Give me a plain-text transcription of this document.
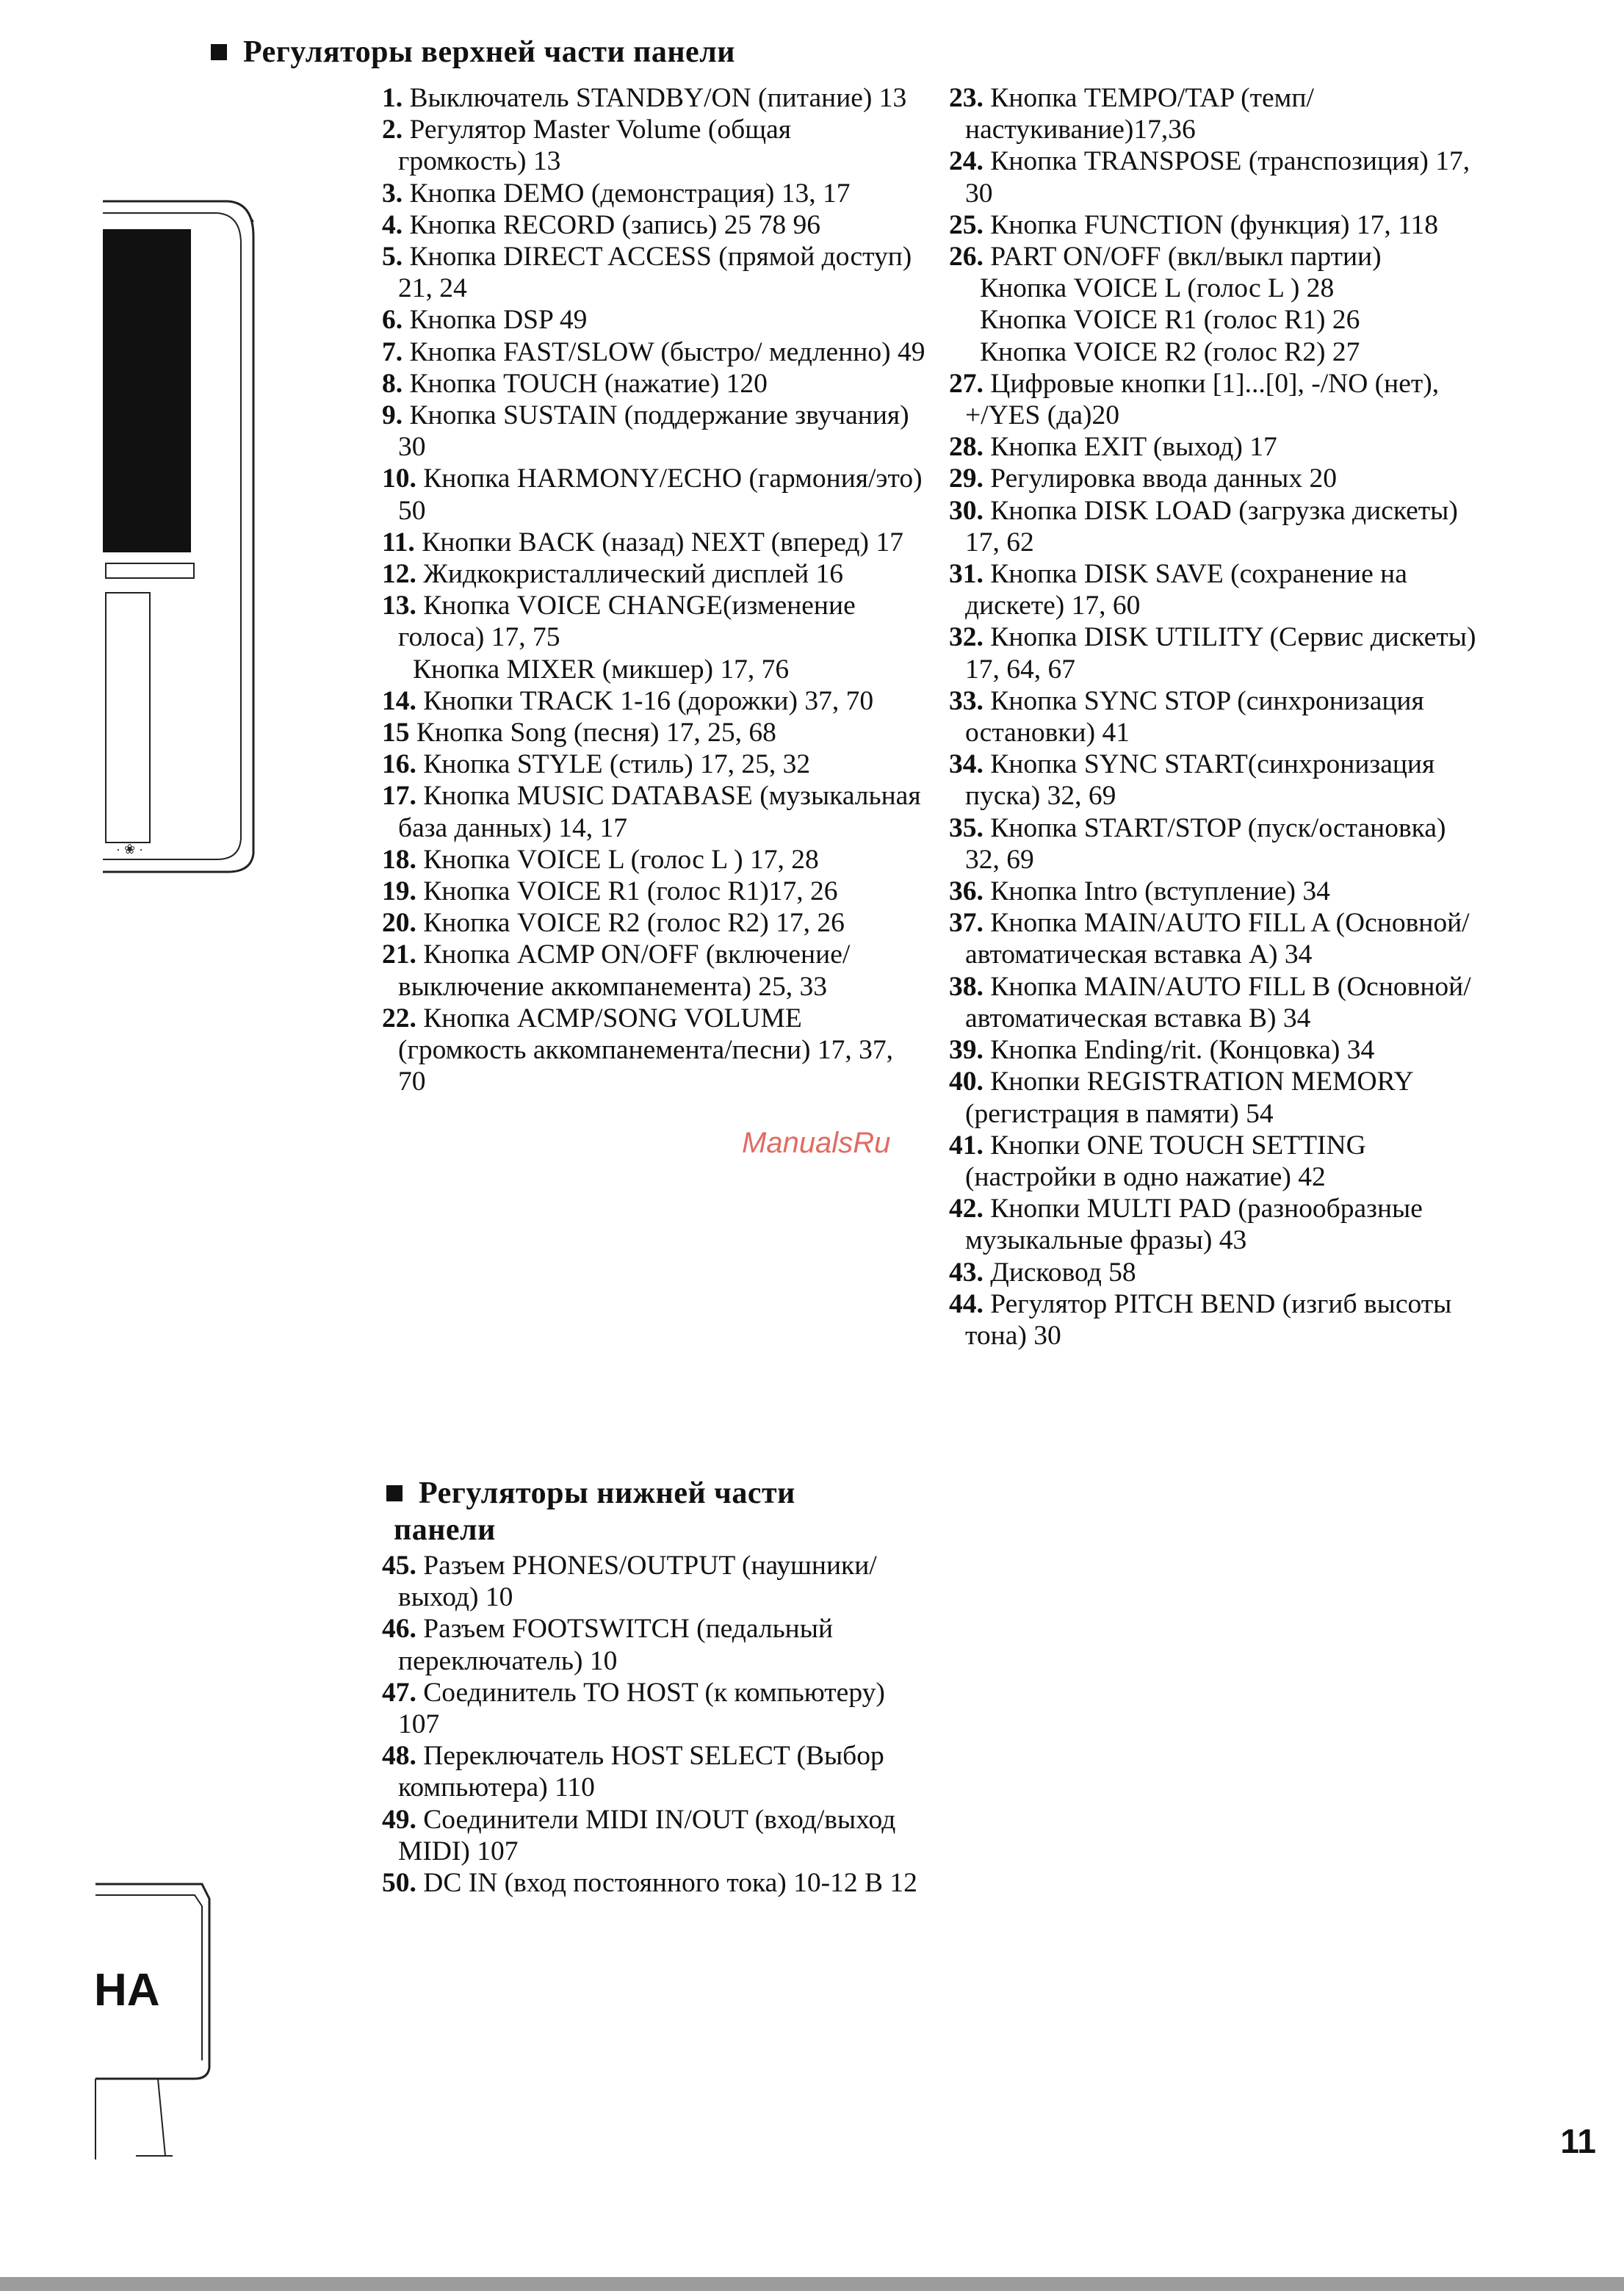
· ❀ ·
HA
Регуляторы верхней части панели
1. Выключатель STANDBY/ON (питание) 13
2. Регулятор Master Volume (общая громкость) 13
3. Кнопка DEMO (демонстрация) 13, 17
4. Кнопка RECORD (запись) 25 78 96
5. Кнопка DIRECT ACCESS (прямой доступ) 21, 24
6. Кнопка DSP 49
7. Кнопка FAST/SLOW (быстро/ медленно) 49
8. Кнопка TOUCH (нажатие) 120
9. Кнопка SUSTAIN (поддержание звучания) 30
10. Кнопка HARMONY/ECHO (гармония/это) 50
11. Кнопки BACK (назад) NEXT (вперед) 17
12. Жидкокристаллический дисплей 16
13. Кнопка VOICE CHANGE(изменение голоса) 17, 75
Кнопка MIXER (микшер) 17, 76
14. Кнопки TRACK 1-16 (дорожки) 37, 70
15 Кнопка Song (песня) 17, 25, 68
16. Кнопка STYLE (стиль) 17, 25, 32
17. Кнопка MUSIC DATABASE (музыкальная база данных) 14, 17
18. Кнопка VOICE L (голос L ) 17, 28
19. Кнопка VOICE R1 (голос R1)17, 26
20. Кнопка VOICE R2 (голос R2) 17, 26
21. Кнопка ACMP ON/OFF (включение/ выключение аккомпанемента) 25, 33
22. Кнопка ACMP/SONG VOLUME (громкость аккомпанемента/песни) 17, 37, 70
23. Кнопка TEMPO/TAP (темп/настукивание)17,36
24. Кнопка TRANSPOSE (транспозиция) 17, 30
25. Кнопка FUNCTION (функция) 17, 118
26. PART ON/OFF (вкл/выкл партии)
Кнопка VOICE L (голос L ) 28
Кнопка VOICE R1 (голос R1) 26
Кнопка VOICE R2 (голос R2) 27
27. Цифровые кнопки [1]...[0], -/NO (нет), +/YES (да)20
28. Кнопка EXIT (выход) 17
29. Регулировка ввода данных 20
30. Кнопка DISK LOAD (загрузка дискеты) 17, 62
31. Кнопка DISK SAVE (сохранение на дискете) 17, 60
32. Кнопка DISK UTILITY (Сервис дискеты) 17, 64, 67
33. Кнопка SYNC STOP (синхронизация остановки) 41
34. Кнопка SYNC START(синхронизация пуска) 32, 69
35. Кнопка START/STOP (пуск/остановка) 32, 69
36. Кнопка Intro (вступление) 34
37. Кнопка MAIN/AUTO FILL A (Основной/ автоматическая вставка A) 34
38. Кнопка MAIN/AUTO FILL B (Основной/ автоматическая вставка B) 34
39. Кнопка Ending/rit. (Концовка) 34
40. Кнопки REGISTRATION MEMORY (регистрация в памяти) 54
41. Кнопки ONE TOUCH SETTING (настройки в одно нажатие) 42
42. Кнопки MULTI PAD (разнообразные музыкальные фразы) 43
43. Дисковод 58
44. Регулятор PITCH BEND (изгиб высоты тона) 30
Регуляторы нижней части
панели
45. Разъем PHONES/OUTPUT (наушники/выход) 10
46. Разъем FOOTSWITCH (педальный переключатель) 10
47. Соединитель TO HOST (к компьютеру) 107
48. Переключатель HOST SELECT (Выбор компьютера) 110
49. Соединители MIDI IN/OUT (вход/выход MIDI) 107
50. DC IN (вход постоянного тока) 10-12 В 12
ManualsRu
11
